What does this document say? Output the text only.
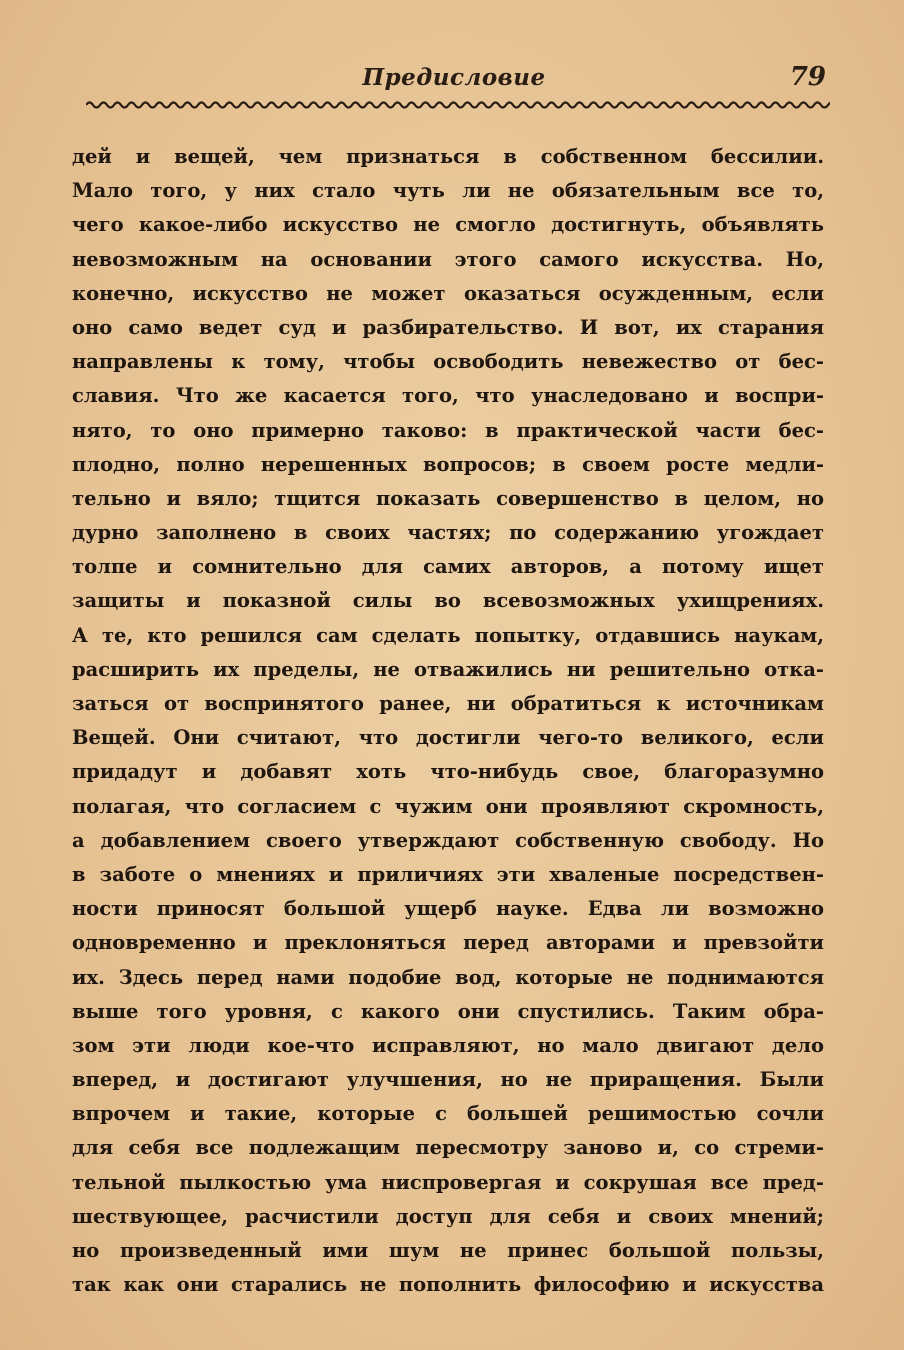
Предисловие	79
дей и вещей, чем признаться в собственном бессилии.
Мало того, у них стало чуть ли не обязательным все то,
чего какое-либо искусство не смогло достигнуть, объявлять
невозможным на основании этого самого искусства. Но,
конечно, искусство не может оказаться осужденным, если
оно само ведет суд и разбирательство. И вот, их старания
направлены к тому, чтобы освободить невежество от бес-
славия. Что же касается того, что унаследовано и воспри-
нято, то оно примерно таково: в практической части бес-
плодно, полно нерешенных вопросов; в своем росте медли-
тельно и вяло; тщится показать совершенство в целом, но
дурно заполнено в своих частях; по содержанию угождает
толпе и сомнительно для самих авторов, а потому ищет
защиты и показной силы во всевозможных ухищрениях.
А те, кто решился сам сделать попытку, отдавшись наукам,
расширить их пределы, не отважились ни решительно отка-
заться от воспринятого ранее, ни обратиться к источникам
Вещей. Они считают, что достигли чего-то великого, если
придадут и добавят хоть что-нибудь свое, благоразумно
полагая, что согласием с чужим они проявляют скромность,
а добавлением своего утверждают собственную свободу. Но
в заботе о мнениях и приличиях эти хваленые посредствен-
ности приносят большой ущерб науке. Едва ли возможно
одновременно и преклоняться перед авторами и превзойти
их. Здесь перед нами подобие вод, которые не поднимаются
выше того уровня, с какого они спустились. Таким обра-
зом эти люди кое-что исправляют, но мало двигают дело
вперед, и достигают улучшения, но не приращения. Были
впрочем и такие, которые с большей решимостью сочли
для себя все подлежащим пересмотру заново и, со стреми-
тельной пылкостью ума ниспровергая и сокрушая все пред-
шествующее, расчистили доступ для себя и своих мнений;
но произведенный ими шум не принес большой пользы,
так как они старались не пополнить философию и искусства
